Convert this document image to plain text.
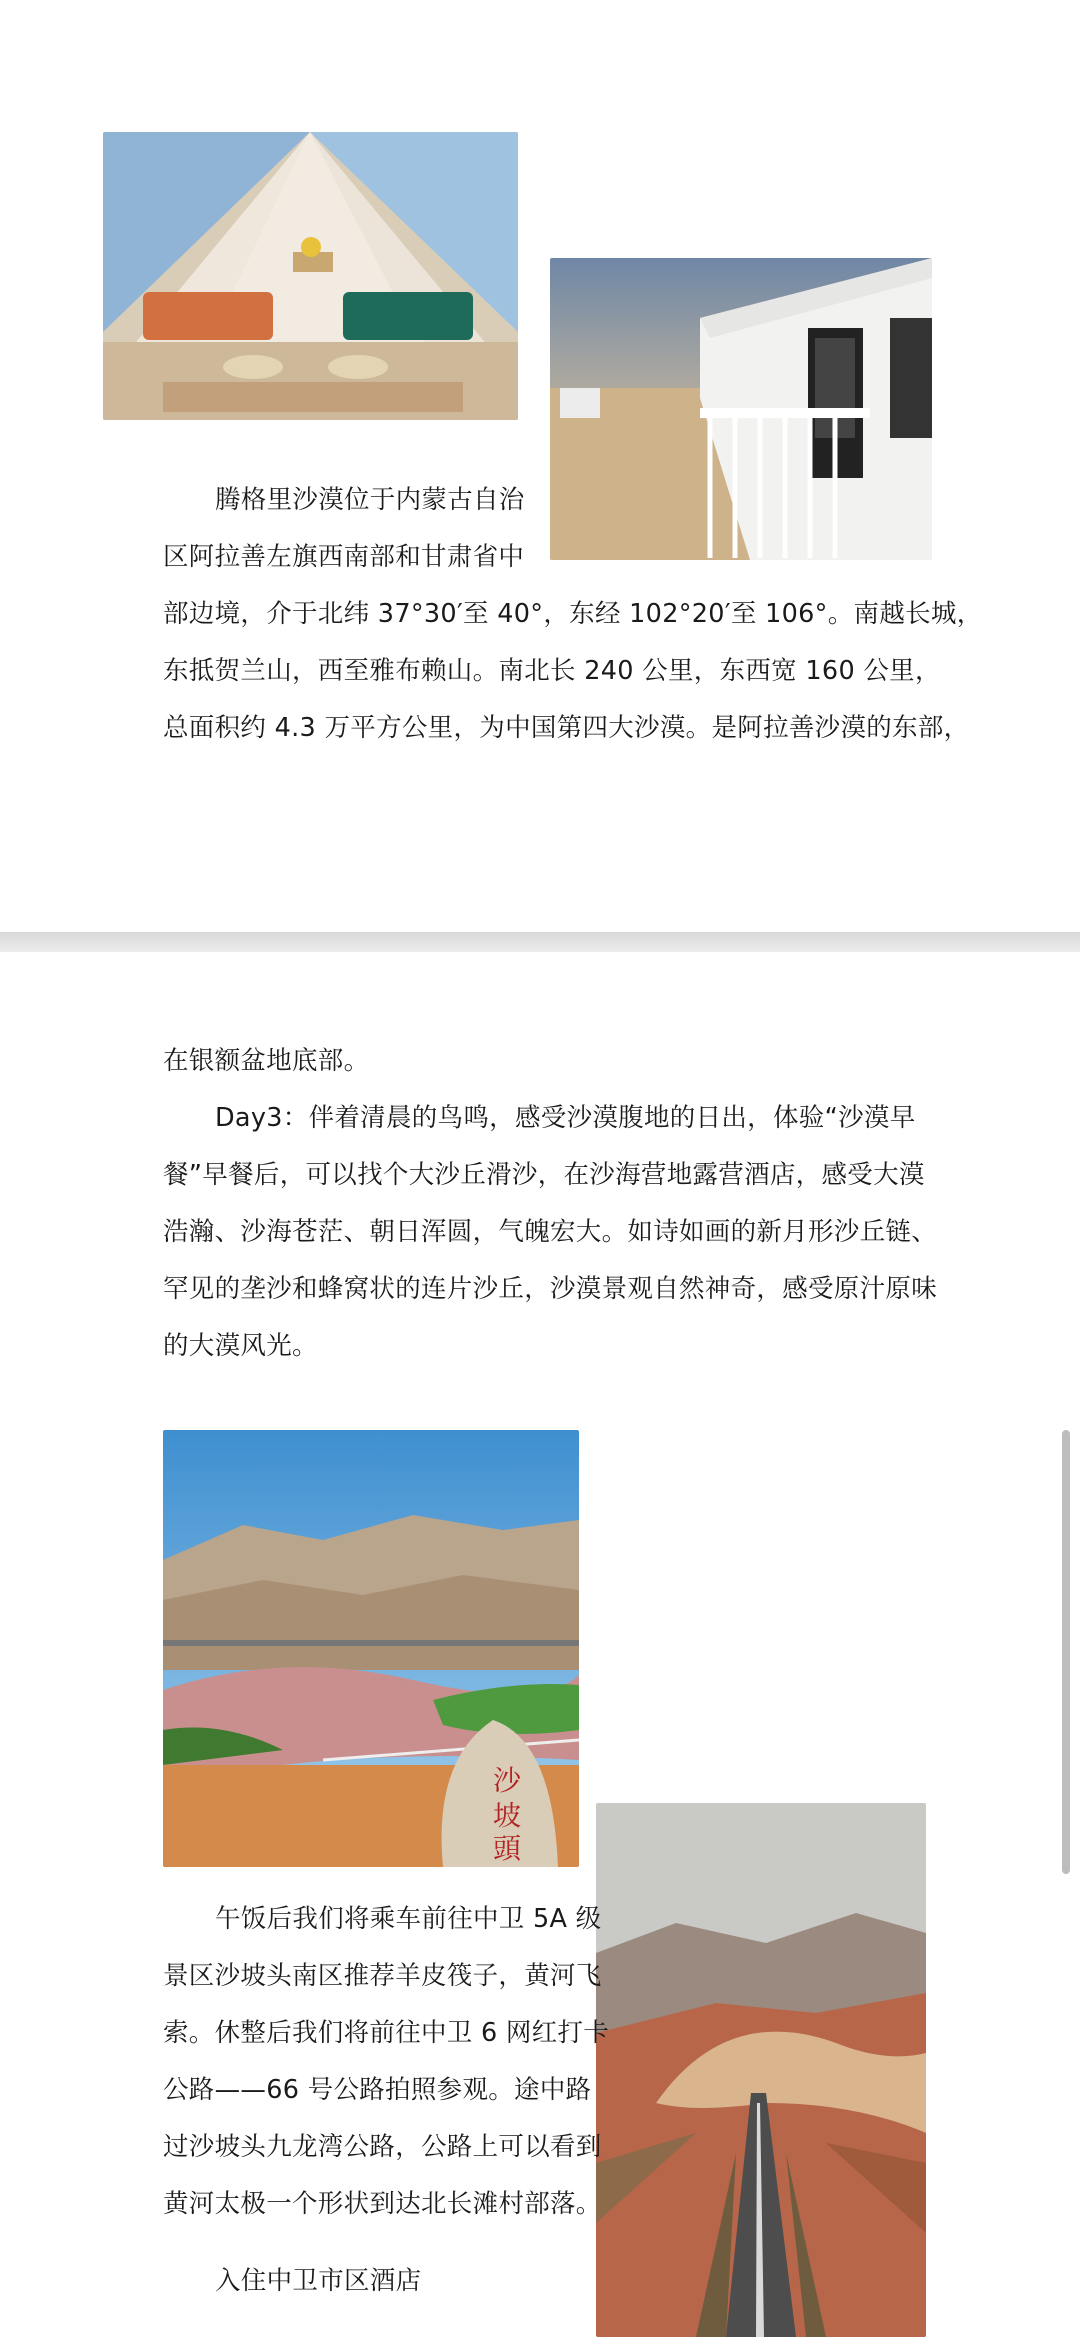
腾格里沙漠位于内蒙古自治

区阿拉善左旗西南部和甘肃省中

部边境，介于北纬 37°30′至 40°，东经 102°20′至 106°。南越长城，

东抵贺兰山，西至雅布赖山。南北长 240 公里，东西宽 160 公里，

总面积约 4.3 万平方公里，为中国第四大沙漠。是阿拉善沙漠的东部，

在银额盆地底部。

Day3：伴着清晨的鸟鸣，感受沙漠腹地的日出，体验“沙漠早

餐”早餐后，可以找个大沙丘滑沙，在沙海营地露营酒店，感受大漠

浩瀚、沙海苍茫、朝日浑圆，气魄宏大。如诗如画的新月形沙丘链、

罕见的垄沙和蜂窝状的连片沙丘，沙漠景观自然神奇，感受原汁原味

的大漠风光。

沙
坡
頭

午饭后我们将乘车前往中卫 5A 级

景区沙坡头南区推荐羊皮筏子，黄河飞

索。休整后我们将前往中卫 6 网红打卡

公路——66 号公路拍照参观。途中路

过沙坡头九龙湾公路，公路上可以看到

黄河太极一个形状到达北长滩村部落。

入住中卫市区酒店
